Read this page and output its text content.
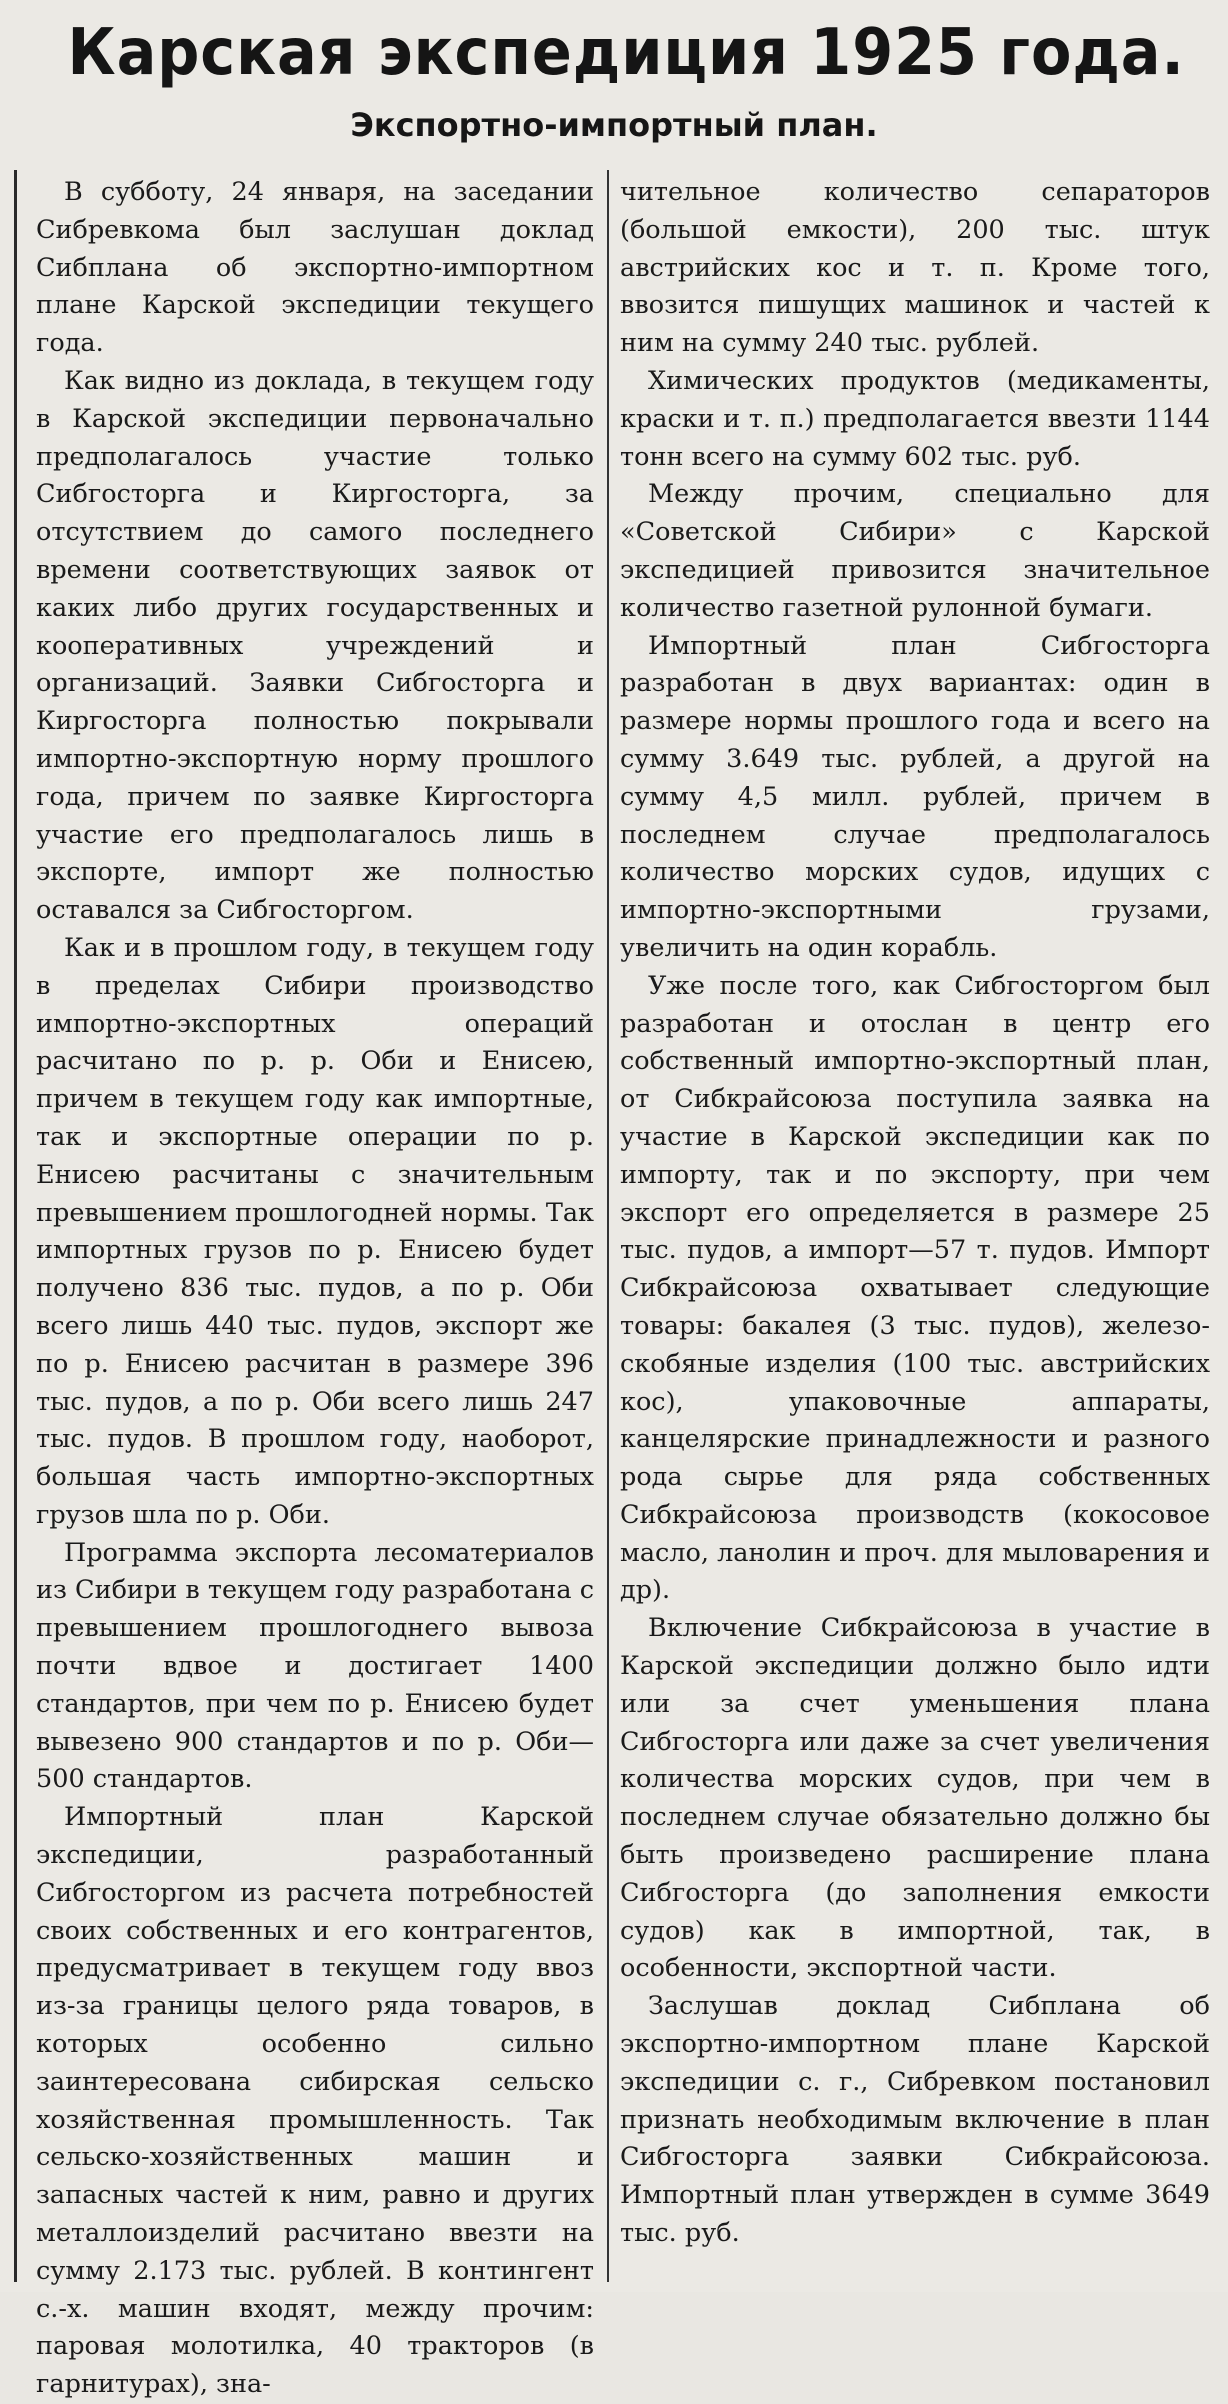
Карская экспедиция 1925 года.
Экспортно-импортный план.

В субботу, 24 января, на заседании Сибревкома был заслушан доклад Сибплана об экспортно-импортном плане Карской экспедиции текущего года.

Как видно из доклада, в текущем году в Карской экспедиции первоначально предполагалось участие только Сибгосторга и Киргосторга, за отсутствием до самого последнего времени соответствующих заявок от каких либо других государственных и кооперативных учреждений и организаций. Заявки Сибгосторга и Киргосторга полностью покрывали импортно-экспортную норму прошлого года, причем по заявке Киргосторга участие его предполагалось лишь в экспорте, импорт же полностью оставался за Сибгосторгом.

Как и в прошлом году, в текущем году в пределах Сибири производство импортно-экспортных операций расчитано по р. р. Оби и Енисею, причем в текущем году как импортные, так и экспортные операции по р. Енисею расчитаны с значительным превышением прошлогодней нормы. Так импортных грузов по р. Енисею будет получено 836 тыс. пудов, а по р. Оби всего лишь 440 тыс. пудов, экспорт же по р. Енисею расчитан в размере 396 тыс. пудов, а по р. Оби всего лишь 247 тыс. пудов. В прошлом году, наоборот, большая часть импортно-экспортных грузов шла по р. Оби.

Программа экспорта лесоматериалов из Сибири в текущем году разработана с превышением прошлогоднего вывоза почти вдвое и достигает 1400 стандартов, при чем по р. Енисею будет вывезено 900 стандартов и по р. Оби—500 стандартов.

Импортный план Карской экспедиции, разработанный Сибгосторгом из расчета потребностей своих собственных и его контрагентов, предусматривает в текущем году ввоз из-за границы целого ряда товаров, в которых особенно сильно заинтересована сибирская сельско хозяйственная промышленность. Так сельско-хозяйственных машин и запасных частей к ним, равно и других металлоизделий расчитано ввезти на сумму 2.173 тыс. рублей. В контингент с.-х. машин входят, между прочим: паровая молотилка, 40 тракторов (в гарнитурах), зна-

чительное количество сепараторов (большой емкости), 200 тыс. штук австрийских кос и т. п. Кроме того, ввозится пишущих машинок и частей к ним на сумму 240 тыс. рублей.

Химических продуктов (медикаменты, краски и т. п.) предполагается ввезти 1144 тонн всего на сумму 602 тыс. руб.

Между прочим, специально для «Советской Сибири» с Карской экспедицией привозится значительное количество газетной рулонной бумаги.

Импортный план Сибгосторга разработан в двух вариантах: один в размере нормы прошлого года и всего на сумму 3.649 тыс. рублей, а другой на сумму 4,5 милл. рублей, причем в последнем случае предполагалось количество морских судов, идущих с импортно-экспортными грузами, увеличить на один корабль.

Уже после того, как Сибгосторгом был разработан и отослан в центр его собственный импортно-экспортный план, от Сибкрайсоюза поступила заявка на участие в Карской экспедиции как по импорту, так и по экспорту, при чем экспорт его определяется в размере 25 тыс. пудов, а импорт—57 т. пудов. Импорт Сибкрайсоюза охватывает следующие товары: бакалея (3 тыс. пудов), железо-скобяные изделия (100 тыс. австрийских кос), упаковочные аппараты, канцелярские принадлежности и разного рода сырье для ряда собственных Сибкрайсоюза производств (кокосовое масло, ланолин и проч. для мыловарения и др).

Включение Сибкрайсоюза в участие в Карской экспедиции должно было идти или за счет уменьшения плана Сибгосторга или даже за счет увеличения количества морских судов, при чем в последнем случае обязательно должно бы быть произведено расширение плана Сибгосторга (до заполнения емкости судов) как в импортной, так, в особенности, экспортной части.

Заслушав доклад Сибплана об экспортно-импортном плане Карской экспедиции с. г., Сибревком постановил признать необходимым включение в план Сибгосторга заявки Сибкрайсоюза. Импортный план утвержден в сумме 3649 тыс. руб.
